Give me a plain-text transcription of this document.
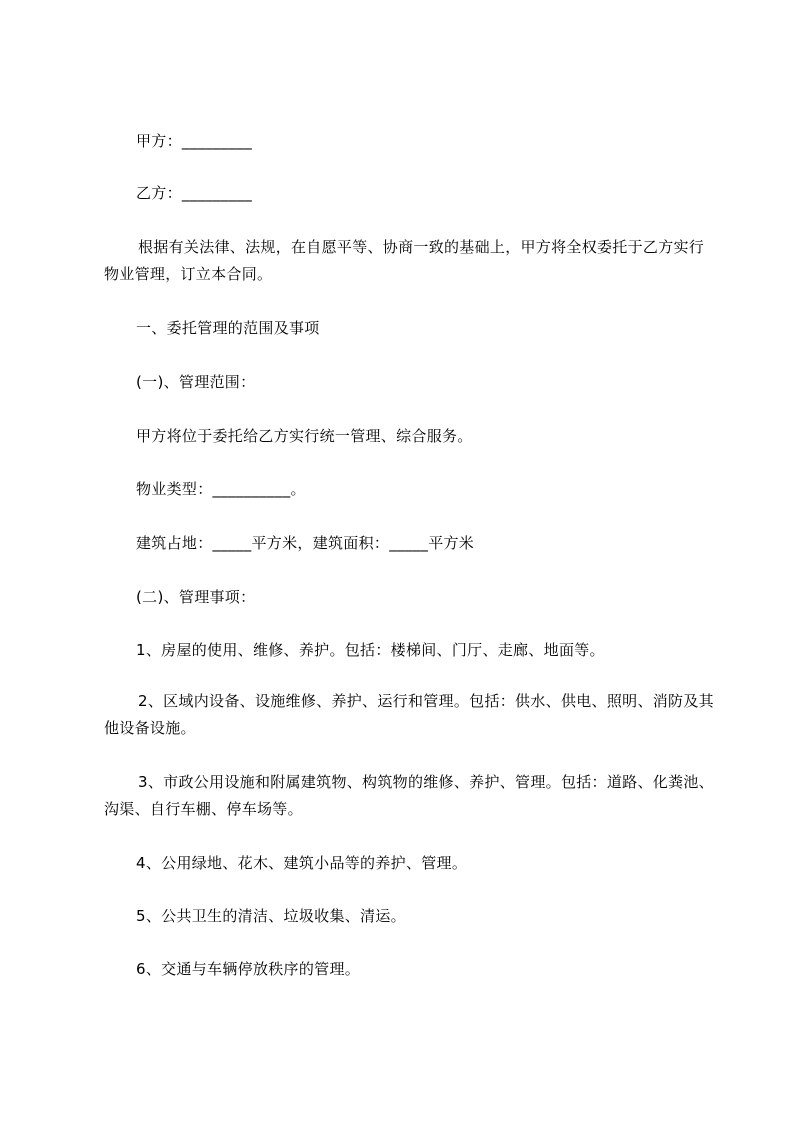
甲方：_________

乙方：_________

根据有关法律、法规，在自愿平等、协商一致的基础上，甲方将全权委托于乙方实行物业管理，订立本合同。

一、委托管理的范围及事项

(一)、管理范围：

甲方将位于委托给乙方实行统一管理、综合服务。

物业类型：__________。

建筑占地：_____平方米，建筑面积：_____平方米

(二)、管理事项：

1、房屋的使用、维修、养护。包括：楼梯间、门厅、走廊、地面等。

2、区域内设备、设施维修、养护、运行和管理。包括：供水、供电、照明、消防及其他设备设施。

3、市政公用设施和附属建筑物、构筑物的维修、养护、管理。包括：道路、化粪池、沟渠、自行车棚、停车场等。

4、公用绿地、花木、建筑小品等的养护、管理。

5、公共卫生的清洁、垃圾收集、清运。

6、交通与车辆停放秩序的管理。
